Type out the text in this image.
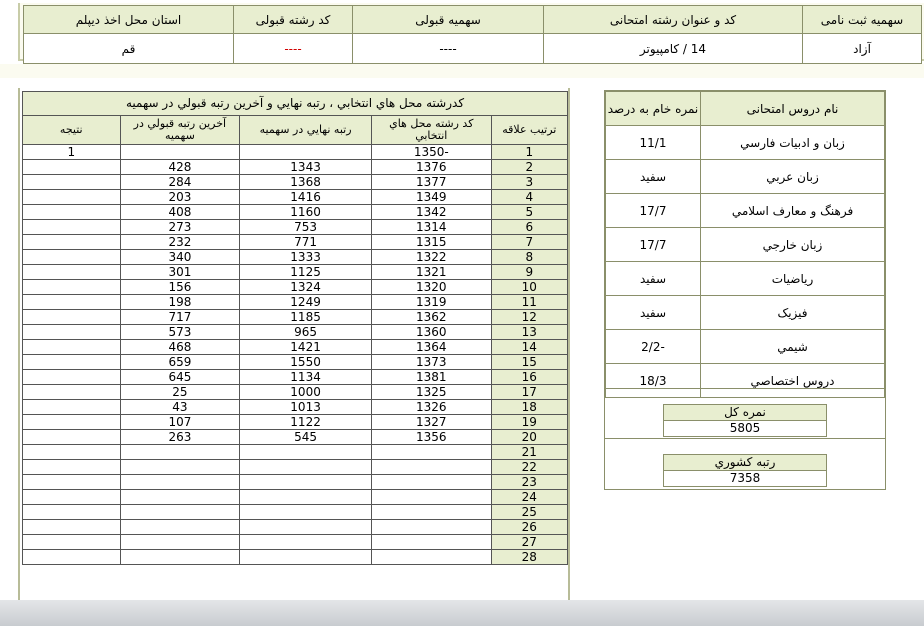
سهمیه ثبت نامی	کد و عنوان رشته امتحانی	سهمیه قبولی	کد رشته قبولی	استان محل اخذ دیپلم
آزاد	14 / کامپیوتر	----	----	قم
کدرشته محل هاي انتخابي ، رتبه نهايي و آخرين رتبه قبولي در سهميه				
ترتيب علاقه	کد رشته محل هاي انتخابي	رتبه نهايي در سهميه	آخرين رتبه قبولي در سهميه	نتيجه
1	-1350			1
2	1376	1343	428	
3	1377	1368	284	
4	1349	1416	203	
5	1342	1160	408	
6	1314	753	273	
7	1315	771	232	
8	1322	1333	340	
9	1321	1125	301	
10	1320	1324	156	
11	1319	1249	198	
12	1362	1185	717	
13	1360	965	573	
14	1364	1421	468	
15	1373	1550	659	
16	1381	1134	645	
17	1325	1000	25	
18	1326	1013	43	
19	1327	1122	107	
20	1356	545	263	
21				
22				
23				
24				
25				
26				
27				
28				
نام دروس امتحانی	نمره خام به درصد
زبان و ادبيات فارسي	11/1
زبان عربي	سفيد
فرهنگ و معارف اسلامي	17/7
زبان خارجي	17/7
رياضيات	سفيد
فيزيک	سفيد
شيمي	-2/2
دروس اختصاصي	18/3
نمره کل
5805
رتبه کشوري
7358
